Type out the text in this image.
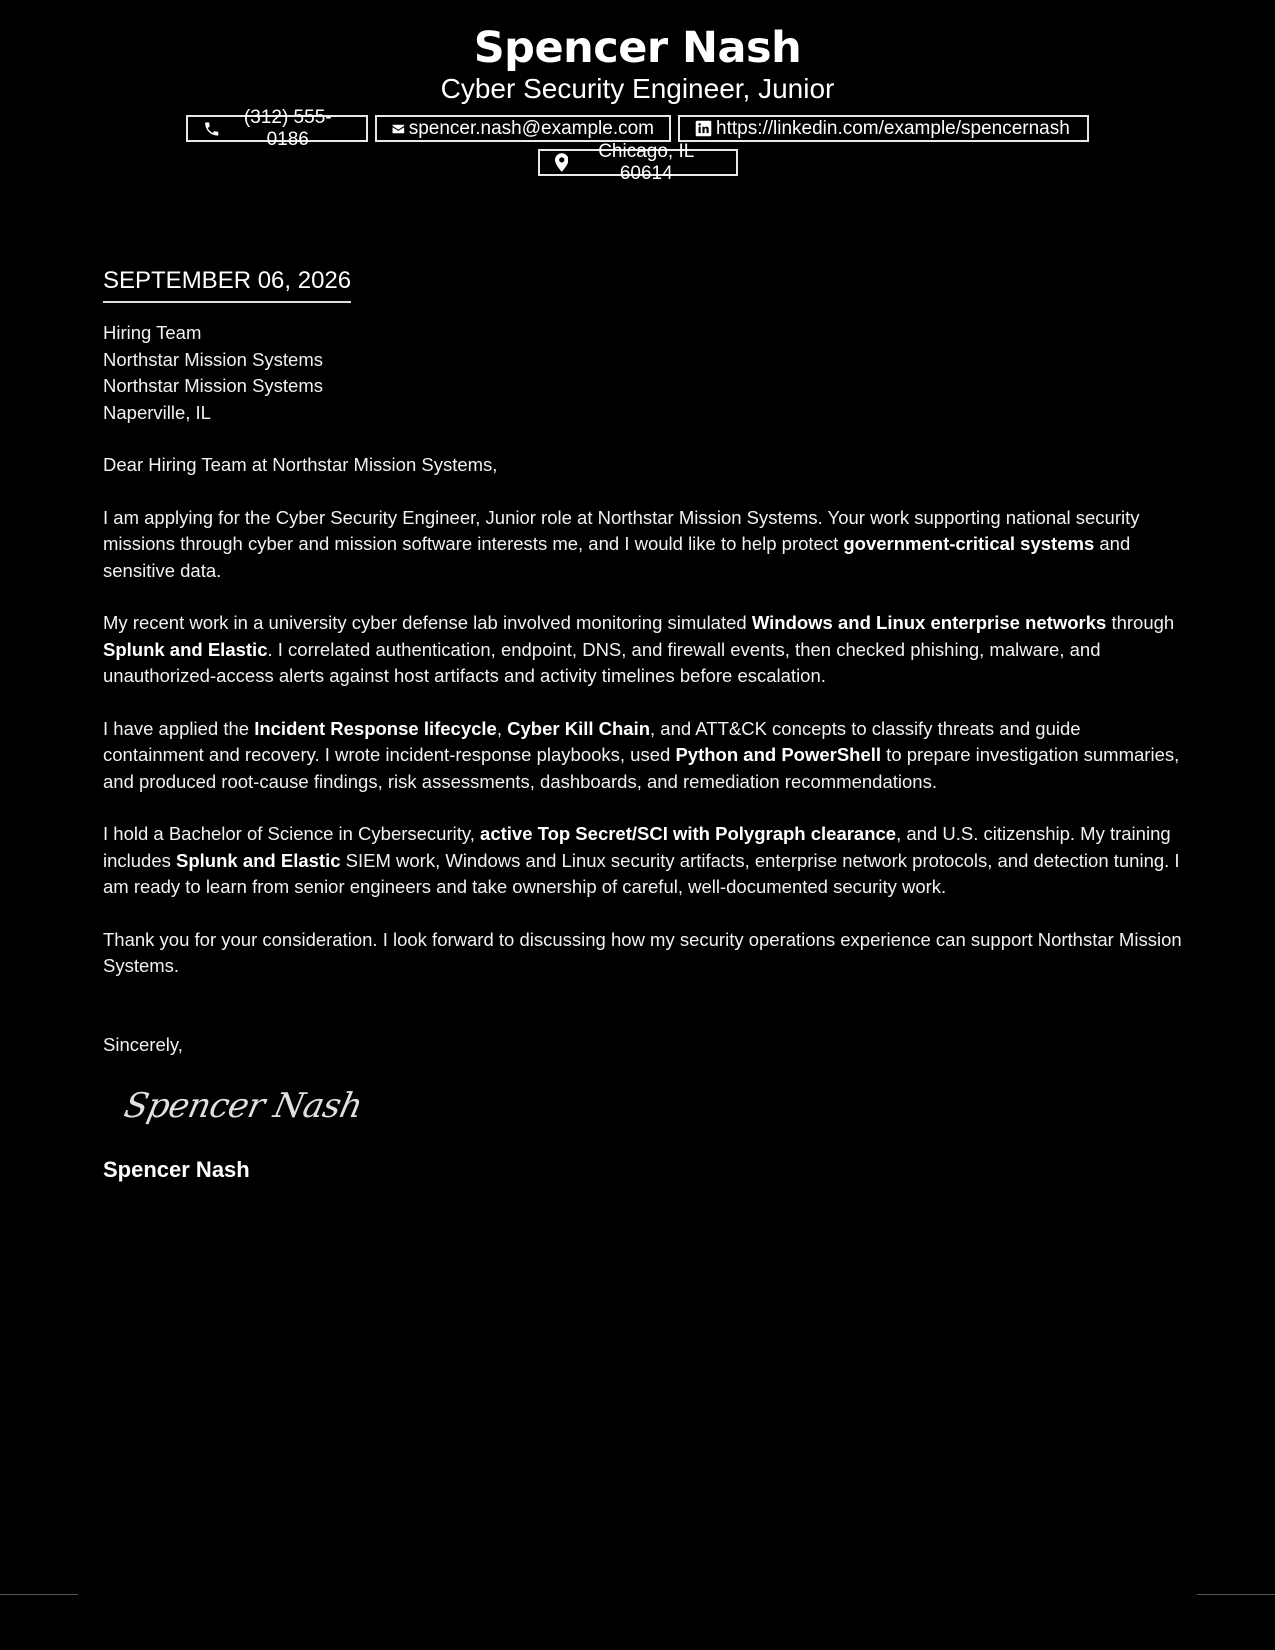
Spencer Nash
Cyber Security Engineer, Junior
(312) 555-0186
spencer.nash@example.com	https://linkedin.com/example/spencernash
Chicago, IL 60614
SEPTEMBER 06, 2026
Hiring Team
Northstar Mission Systems
Northstar Mission Systems
Naperville, IL
Dear Hiring Team at Northstar Mission Systems,

I am applying for the Cyber Security Engineer, Junior role at Northstar Mission Systems. Your work supporting national security missions through cyber and mission software interests me, and I would like to help protect government-critical systems and sensitive data.

My recent work in a university cyber defense lab involved monitoring simulated Windows and Linux enterprise networks through Splunk and Elastic. I correlated authentication, endpoint, DNS, and firewall events, then checked phishing, malware, and unauthorized-access alerts against host artifacts and activity timelines before escalation.

I have applied the Incident Response lifecycle, Cyber Kill Chain, and ATT&CK concepts to classify threats and guide containment and recovery. I wrote incident-response playbooks, used Python and PowerShell to prepare investigation summaries, and produced root-cause findings, risk assessments, dashboards, and remediation recommendations.

I hold a Bachelor of Science in Cybersecurity, active Top Secret/SCI with Polygraph clearance, and U.S. citizenship. My training includes Splunk and Elastic SIEM work, Windows and Linux security artifacts, enterprise network protocols, and detection tuning. I am ready to learn from senior engineers and take ownership of careful, well-documented security work.

Thank you for your consideration. I look forward to discussing how my security operations experience can support Northstar Mission Systems.

Sincerely,
Spencer Nash
Spencer Nash
